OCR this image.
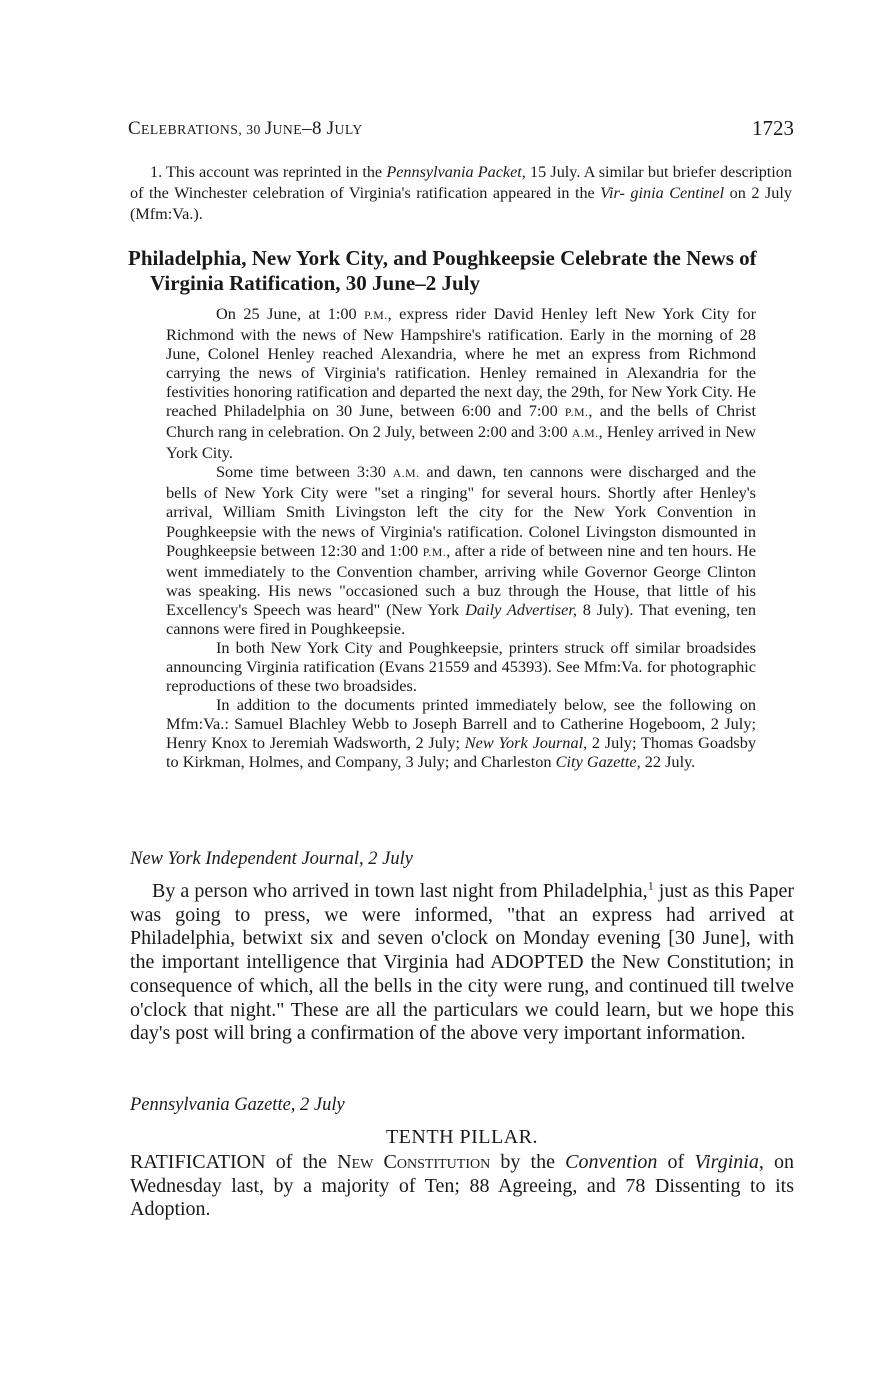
CELEBRATIONS, 30 JUNE–8 JULY	1723

1. This account was reprinted in the Pennsylvania Packet, 15 July. A similar but briefer description of the Winchester celebration of Virginia's ratification appeared in the Vir- ginia Centinel on 2 July (Mfm:Va.).

Philadelphia, New York City, and Poughkeepsie Celebrate the News of Virginia Ratification, 30 June–2 July

On 25 June, at 1:00 P.M., express rider David Henley left New York City for Richmond with the news of New Hampshire's ratification. Early in the morning of 28 June, Colonel Henley reached Alexandria, where he met an express from Richmond carrying the news of Virginia's ratification. Henley remained in Alexandria for the festivities honoring ratification and departed the next day, the 29th, for New York City. He reached Philadelphia on 30 June, between 6:00 and 7:00 P.M., and the bells of Christ Church rang in celebration. On 2 July, between 2:00 and 3:00 A.M., Henley arrived in New York City.

Some time between 3:30 A.M. and dawn, ten cannons were discharged and the bells of New York City were "set a ringing" for several hours. Shortly after Henley's arrival, William Smith Livingston left the city for the New York Convention in Poughkeepsie with the news of Virginia's ratification. Colonel Livingston dismounted in Poughkeepsie between 12:30 and 1:00 P.M., after a ride of between nine and ten hours. He went immediately to the Convention chamber, arriving while Governor George Clinton was speaking. His news "occasioned such a buz through the House, that little of his Excellency's Speech was heard" (New York Daily Advertiser, 8 July). That evening, ten cannons were fired in Poughkeepsie.

In both New York City and Poughkeepsie, printers struck off similar broadsides announcing Virginia ratification (Evans 21559 and 45393). See Mfm:Va. for photographic reproductions of these two broadsides.

In addition to the documents printed immediately below, see the following on Mfm:Va.: Samuel Blachley Webb to Joseph Barrell and to Catherine Hogeboom, 2 July; Henry Knox to Jeremiah Wadsworth, 2 July; New York Journal, 2 July; Thomas Goadsby to Kirkman, Holmes, and Company, 3 July; and Charleston City Gazette, 22 July.

New York Independent Journal, 2 July

By a person who arrived in town last night from Philadelphia,$^1$ just as this Paper was going to press, we were informed, "that an express had arrived at Philadelphia, betwixt six and seven o'clock on Monday evening [30 June], with the important intelligence that Virginia had ADOPTED the New Constitution; in consequence of which, all the bells in the city were rung, and continued till twelve o'clock that night." These are all the particulars we could learn, but we hope this day's post will bring a confirmation of the above very important information.

Pennsylvania Gazette, 2 July

TENTH PILLAR.

RATIFICATION of the New Constitution by the Convention of Virginia, on Wednesday last, by a majority of Ten; 88 Agreeing, and 78 Dissenting to its Adoption.
